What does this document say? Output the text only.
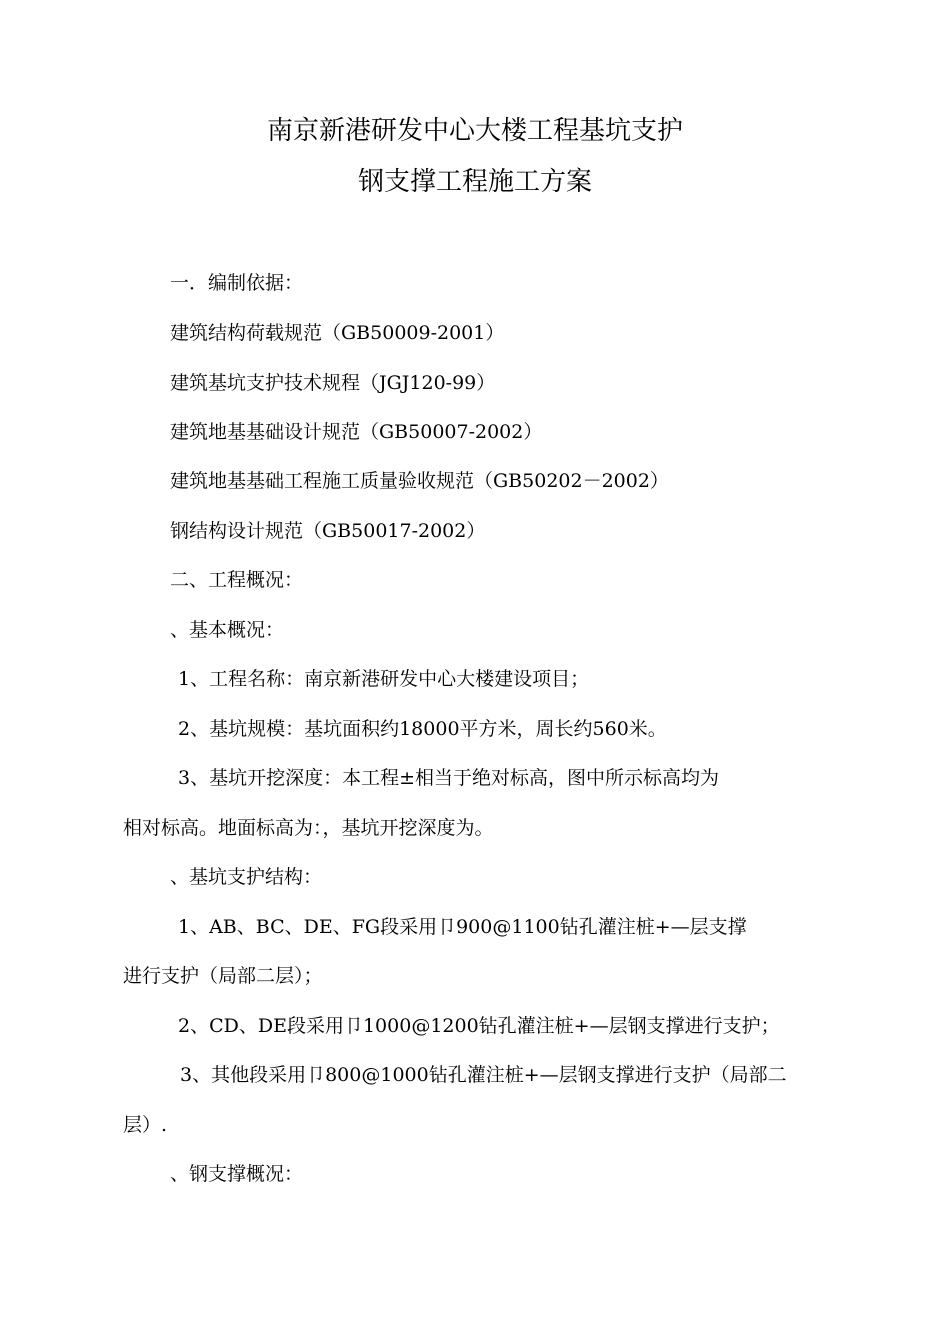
南京新港研发中心大楼工程基坑支护
钢支撑工程施工方案
一．编制依据：
建筑结构荷载规范（GB50009-2001）
建筑基坑支护技术规程（JGJ120-99）
建筑地基基础设计规范（GB50007-2002）
建筑地基基础工程施工质量验收规范（GB50202－2002）
钢结构设计规范（GB50017-2002）
二、工程概况：
、基本概况：
1、工程名称：南京新港研发中心大楼建设项目；
2、基坑规模：基坑面积约18000平方米，周长约560米。
3、基坑开挖深度：本工程±相当于绝对标高，图中所示标高均为
相对标高。地面标高为：，基坑开挖深度为。
、基坑支护结构：
1、AB、BC、DE、FG段采用卩900@1100钻孔灌注桩+—层支撑
进行支护（局部二层）；
2、CD、DE段采用卩1000@1200钻孔灌注桩+—层钢支撑进行支护；
3、其他段采用卩800@1000钻孔灌注桩+—层钢支撑进行支护（局部二
层）.
、钢支撑概况：
